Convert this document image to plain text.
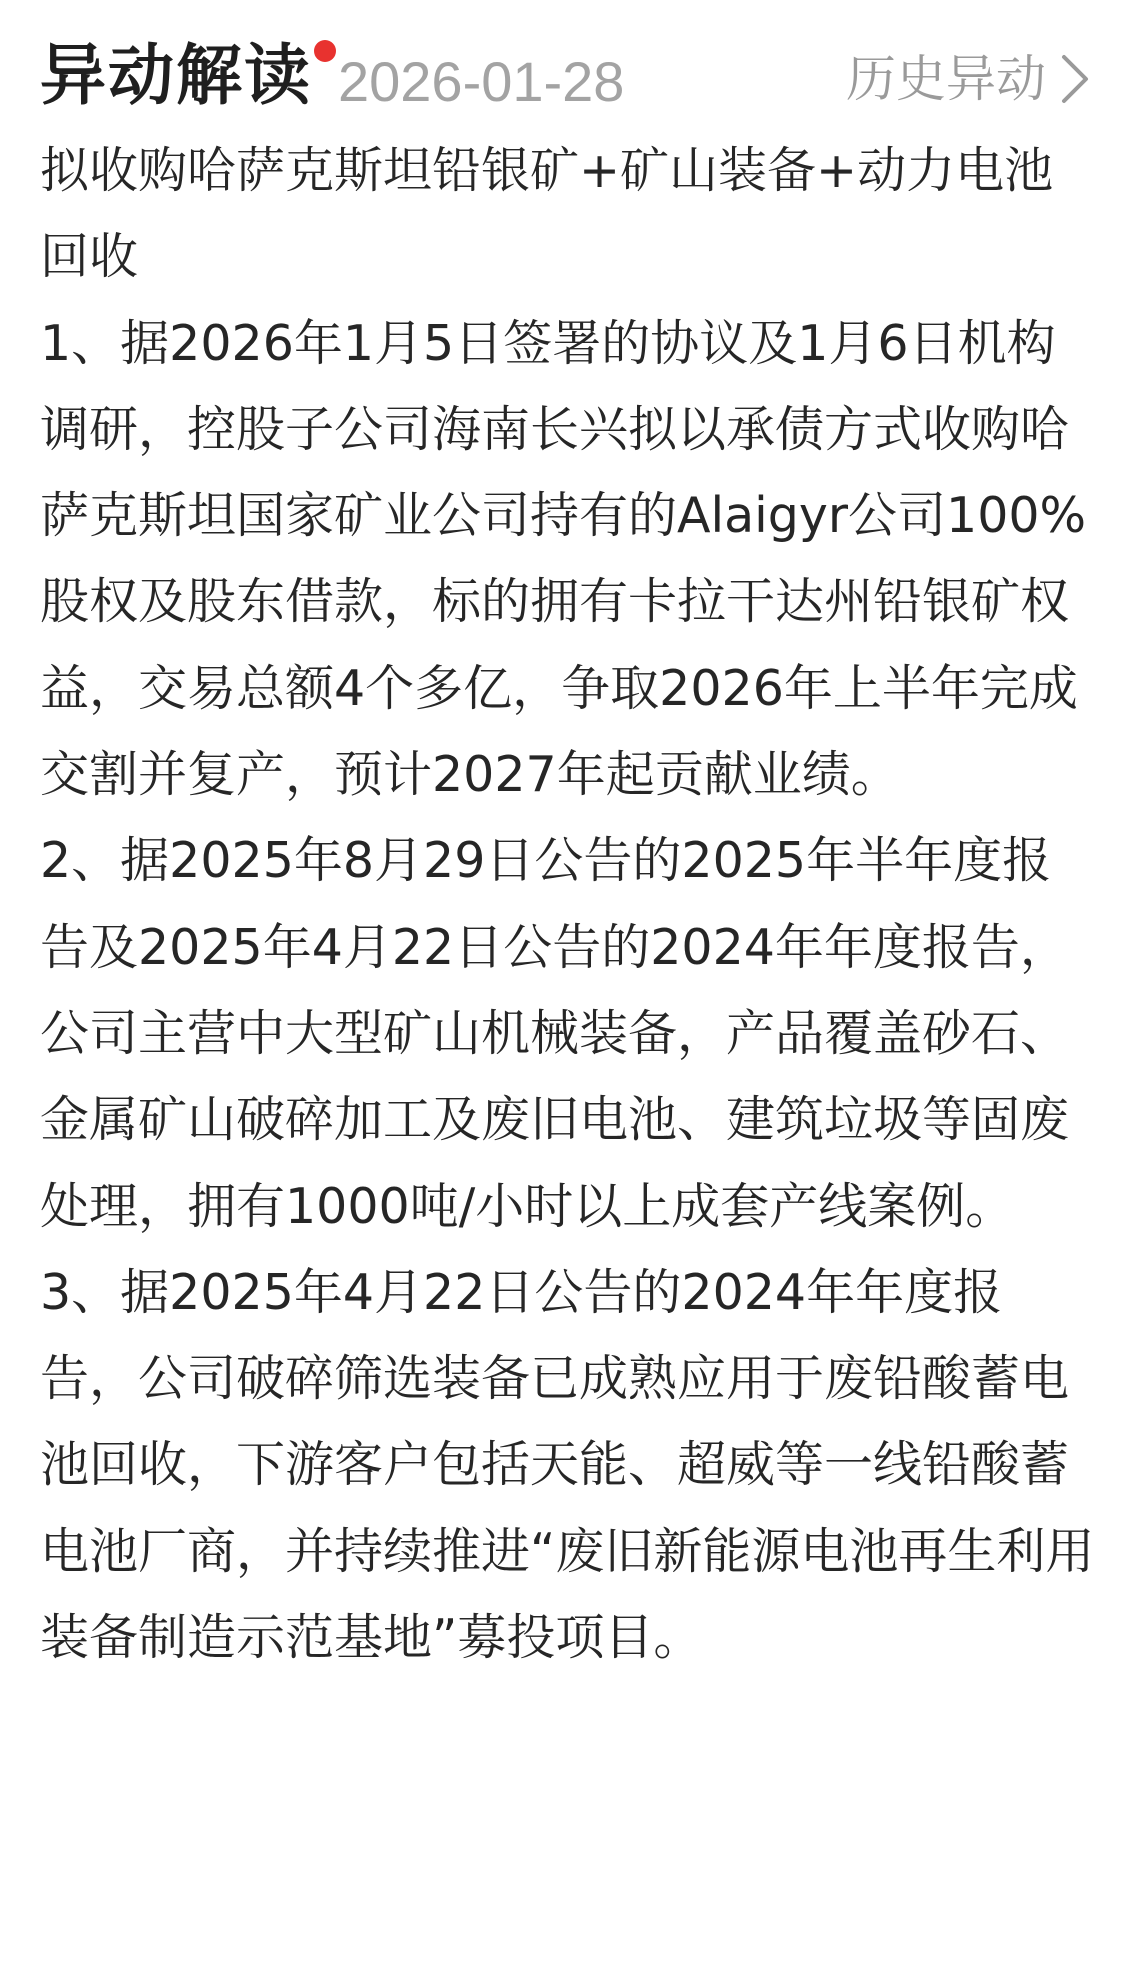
异动解读 2026-01-28	历史异动

拟收购哈萨克斯坦铅银矿+矿山装备+动力电池回收

1、据2026年1月5日签署的协议及1月6日机构调研，控股子公司海南长兴拟以承债方式收购哈萨克斯坦国家矿业公司持有的Alaigyr公司100%股权及股东借款，标的拥有卡拉干达州铅银矿权益，交易总额4个多亿，争取2026年上半年完成交割并复产，预计2027年起贡献业绩。

2、据2025年8月29日公告的2025年半年度报告及2025年4月22日公告的2024年年度报告，公司主营中大型矿山机械装备，产品覆盖砂石、金属矿山破碎加工及废旧电池、建筑垃圾等固废处理，拥有1000吨/小时以上成套产线案例。

3、据2025年4月22日公告的2024年年度报告，公司破碎筛选装备已成熟应用于废铅酸蓄电池回收，下游客户包括天能、超威等一线铅酸蓄电池厂商，并持续推进“废旧新能源电池再生利用装备制造示范基地”募投项目。
